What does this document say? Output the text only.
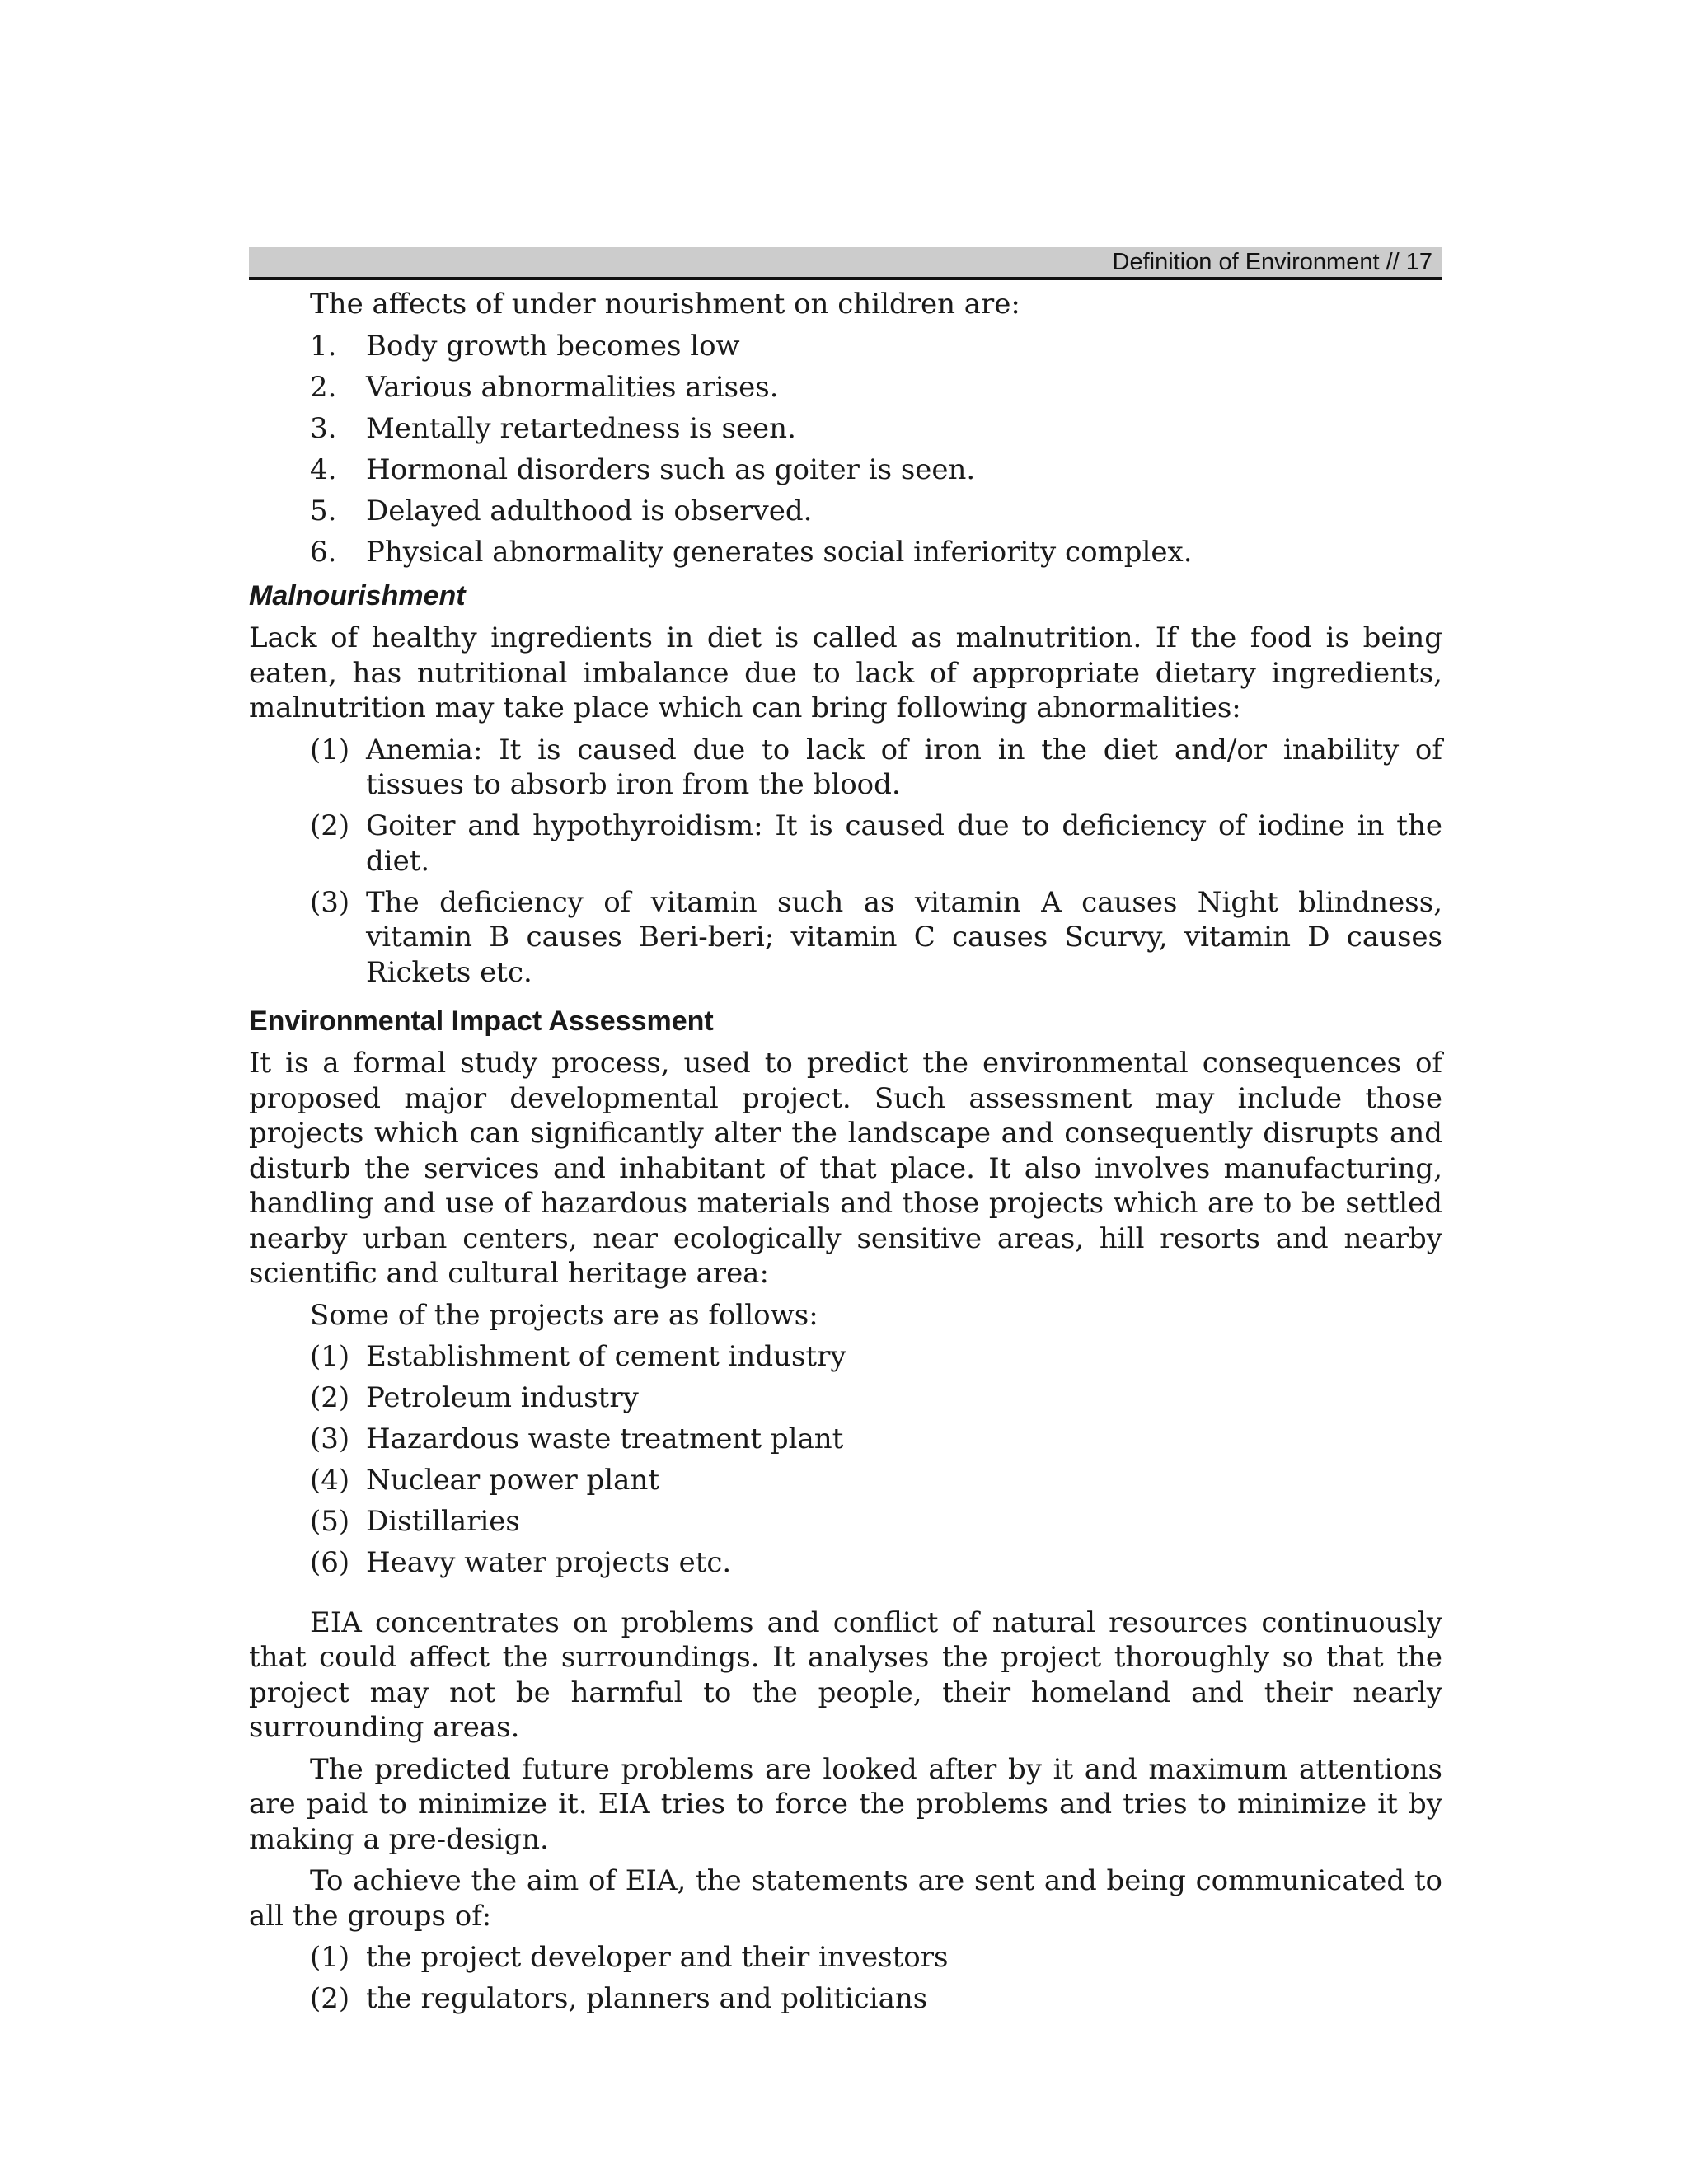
Definition of Environment // 17

The affects of under nourishment on children are:

1.	Body growth becomes low
2.	Various abnormalities arises.
3.	Mentally retartedness is seen.
4.	Hormonal disorders such as goiter is seen.
5.	Delayed adulthood is observed.
6.	Physical abnormality generates social inferiority complex.
Malnourishment

Lack of healthy ingredients in diet is called as malnutrition. If the food is being eaten, has nutritional imbalance due to lack of appropriate dietary ingredients, malnutrition may take place which can bring following abnormalities:

(1) Anemia: It is caused due to lack of iron in the diet and/or inability of tissues to absorb iron from the blood.
(2) Goiter and hypothyroidism: It is caused due to deficiency of iodine in the diet.
(3) The deficiency of vitamin such as vitamin A causes Night blindness, vitamin B causes Beri-beri; vitamin C causes Scurvy, vitamin D causes Rickets etc.
Environmental Impact Assessment

It is a formal study process, used to predict the environmental consequences of proposed major developmental project. Such assessment may include those projects which can significantly alter the landscape and consequently disrupts and disturb the services and inhabitant of that place. It also involves manufacturing, handling and use of hazardous materials and those projects which are to be settled nearby urban centers, near ecologically sensitive areas, hill resorts and nearby scientific and cultural heritage area:

Some of the projects are as follows:

(1) Establishment of cement industry
(2) Petroleum industry
(3) Hazardous waste treatment plant
(4) Nuclear power plant
(5) Distillaries
(6) Heavy water projects etc.

EIA concentrates on problems and conflict of natural resources continuously that could affect the surroundings. It analyses the project thoroughly so that the project may not be harmful to the people, their homeland and their nearly surrounding areas.

The predicted future problems are looked after by it and maximum attentions are paid to minimize it. EIA tries to force the problems and tries to minimize it by making a pre-design.

To achieve the aim of EIA, the statements are sent and being communicated to all the groups of:

(1) the project developer and their investors
(2) the regulators, planners and politicians
